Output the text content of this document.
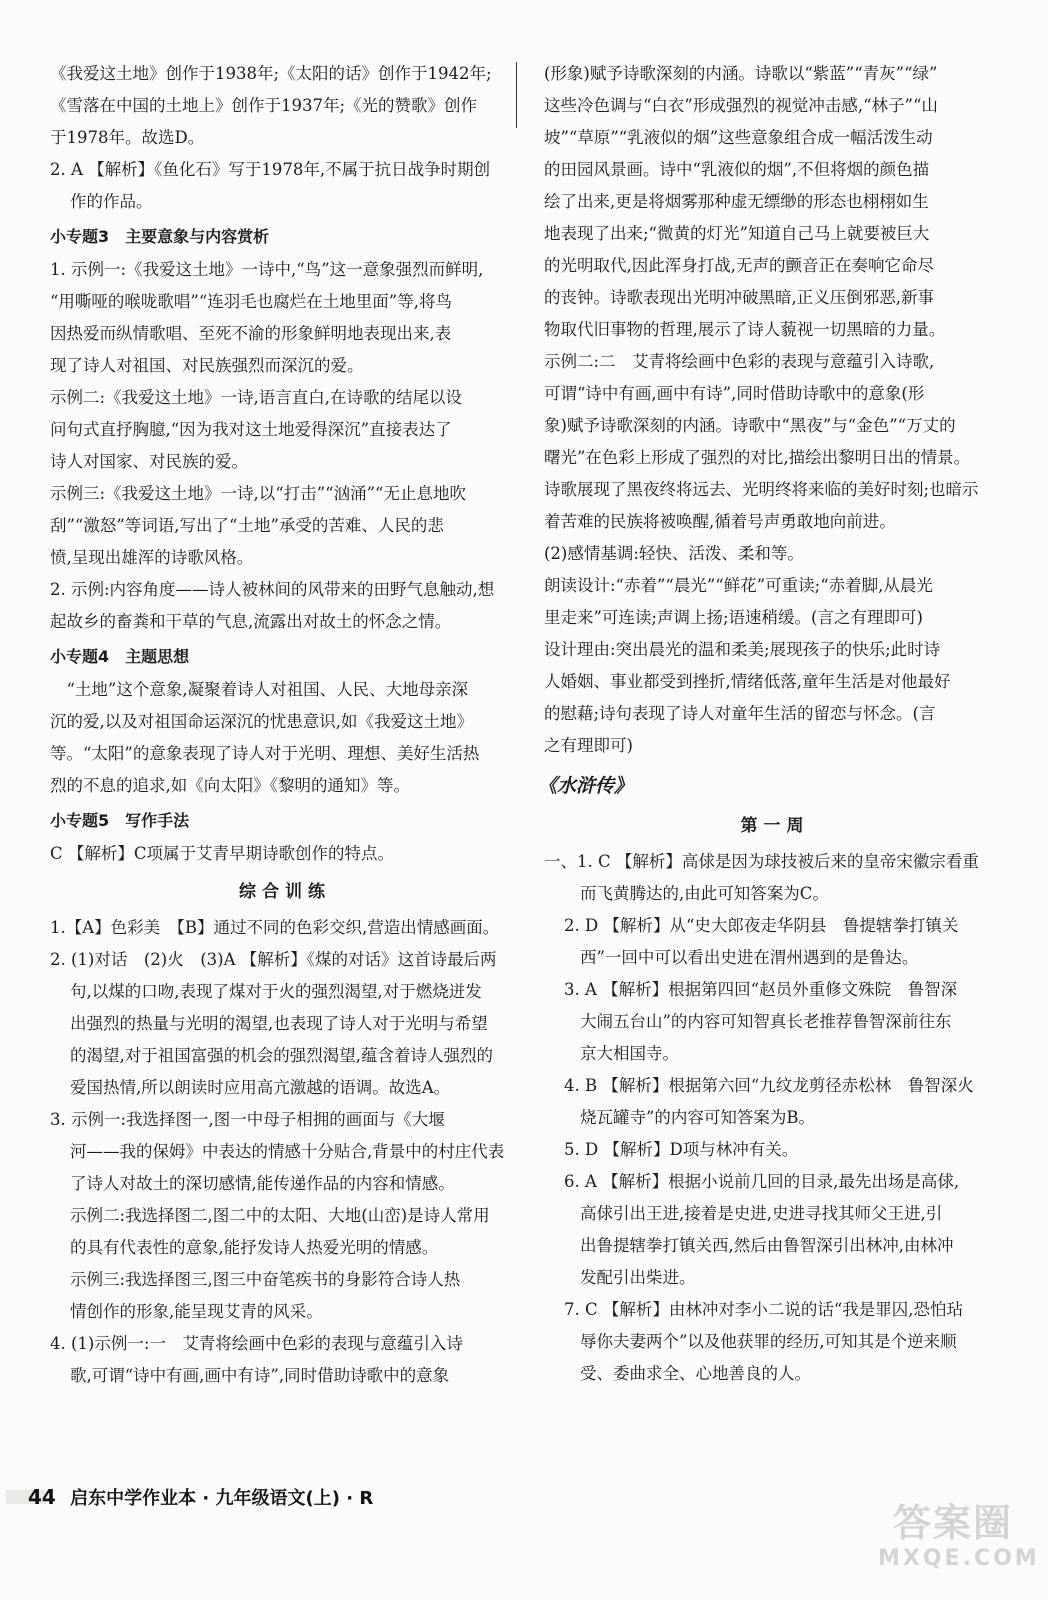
《我爱这土地》创作于1938年;《太阳的话》创作于1942年;
《雪落在中国的土地上》创作于1937年;《光的赞歌》创作
于1978年。故选D。
2. A 【解析】《鱼化石》写于1978年,不属于抗日战争时期创
作的作品。
小专题3　主要意象与内容赏析
1. 示例一:《我爱这土地》一诗中,“鸟”这一意象强烈而鲜明,
“用嘶哑的喉咙歌唱”“连羽毛也腐烂在土地里面”等,将鸟
因热爱而纵情歌唱、至死不渝的形象鲜明地表现出来,表
现了诗人对祖国、对民族强烈而深沉的爱。
示例二:《我爱这土地》一诗,语言直白,在诗歌的结尾以设
问句式直抒胸臆,“因为我对这土地爱得深沉”直接表达了
诗人对国家、对民族的爱。
示例三:《我爱这土地》一诗,以“打击”“汹涌”“无止息地吹
刮”“激怒”等词语,写出了“土地”承受的苦难、人民的悲
愤,呈现出雄浑的诗歌风格。
2. 示例:内容角度——诗人被林间的风带来的田野气息触动,想
起故乡的畜粪和干草的气息,流露出对故土的怀念之情。
小专题4　主题思想
　“土地”这个意象,凝聚着诗人对祖国、人民、大地母亲深
沉的爱,以及对祖国命运深沉的忧患意识,如《我爱这土地》
等。“太阳”的意象表现了诗人对于光明、理想、美好生活热
烈的不息的追求,如《向太阳》《黎明的通知》等。
小专题5　写作手法
C 【解析】C项属于艾青早期诗歌创作的特点。
综合训练
1.【A】色彩美　【B】通过不同的色彩交织,营造出情感画面。
2. (1)对话　(2)火　(3)A 【解析】《煤的对话》这首诗最后两
句,以煤的口吻,表现了煤对于火的强烈渴望,对于燃烧迸发
出强烈的热量与光明的渴望,也表现了诗人对于光明与希望
的渴望,对于祖国富强的机会的强烈渴望,蕴含着诗人强烈的
爱国热情,所以朗读时应用高亢激越的语调。故选A。
3. 示例一:我选择图一,图一中母子相拥的画面与《大堰
河——我的保姆》中表达的情感十分贴合,背景中的村庄代表
了诗人对故土的深切感情,能传递作品的内容和情感。
示例二:我选择图二,图二中的太阳、大地(山峦)是诗人常用
的具有代表性的意象,能抒发诗人热爱光明的情感。
示例三:我选择图三,图三中奋笔疾书的身影符合诗人热
情创作的形象,能呈现艾青的风采。
4. (1)示例一:一　艾青将绘画中色彩的表现与意蕴引入诗
歌,可谓“诗中有画,画中有诗”,同时借助诗歌中的意象
(形象)赋予诗歌深刻的内涵。诗歌以“紫蓝”“青灰”“绿”
这些冷色调与“白衣”形成强烈的视觉冲击感,“林子”“山
坡”“草原”“乳液似的烟”这些意象组合成一幅活泼生动
的田园风景画。诗中“乳液似的烟”,不但将烟的颜色描
绘了出来,更是将烟雾那种虚无缥缈的形态也栩栩如生
地表现了出来;“微黄的灯光”知道自己马上就要被巨大
的光明取代,因此浑身打战,无声的颤音正在奏响它命尽
的丧钟。诗歌表现出光明冲破黑暗,正义压倒邪恶,新事
物取代旧事物的哲理,展示了诗人藐视一切黑暗的力量。
示例二:二　艾青将绘画中色彩的表现与意蕴引入诗歌,
可谓“诗中有画,画中有诗”,同时借助诗歌中的意象(形
象)赋予诗歌深刻的内涵。诗歌中“黑夜”与“金色”“万丈的
曙光”在色彩上形成了强烈的对比,描绘出黎明日出的情景。
诗歌展现了黑夜终将远去、光明终将来临的美好时刻;也暗示
着苦难的民族将被唤醒,循着号声勇敢地向前进。
(2)感情基调:轻快、活泼、柔和等。
朗读设计:“赤着”“晨光”“鲜花”可重读;“赤着脚,从晨光
里走来”可连读;声调上扬;语速稍缓。(言之有理即可)
设计理由:突出晨光的温和柔美;展现孩子的快乐;此时诗
人婚姻、事业都受到挫折,情绪低落,童年生活是对他最好
的慰藉;诗句表现了诗人对童年生活的留恋与怀念。(言
之有理即可)
《水浒传》
第一周
一、1. C 【解析】高俅是因为球技被后来的皇帝宋徽宗看重
而飞黄腾达的,由此可知答案为C。
2. D 【解析】从“史大郎夜走华阴县　鲁提辖拳打镇关
西”一回中可以看出史进在渭州遇到的是鲁达。
3. A 【解析】根据第四回“赵员外重修文殊院　鲁智深
大闹五台山”的内容可知智真长老推荐鲁智深前往东
京大相国寺。
4. B 【解析】根据第六回“九纹龙剪径赤松林　鲁智深火
烧瓦罐寺”的内容可知答案为B。
5. D 【解析】D项与林冲有关。
6. A 【解析】根据小说前几回的目录,最先出场是高俅,
高俅引出王进,接着是史进,史进寻找其师父王进,引
出鲁提辖拳打镇关西,然后由鲁智深引出林冲,由林冲
发配引出柴进。
7. C 【解析】由林冲对李小二说的话“我是罪囚,恐怕玷
辱你夫妻两个”以及他获罪的经历,可知其是个逆来顺
受、委曲求全、心地善良的人。
44 启东中学作业本 · 九年级语文(上) · R
答案圈
MXQE.COM
